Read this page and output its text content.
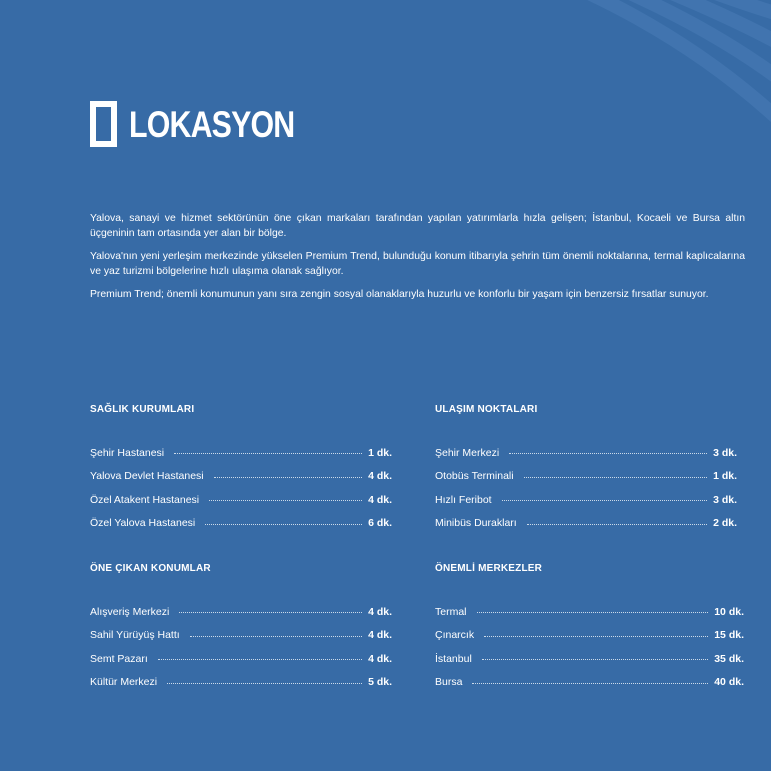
LOKASYON

Yalova, sanayi ve hizmet sektörünün öne çıkan markaları tarafından yapılan yatırımlarla hızla gelişen; İstanbul, Kocaeli ve Bursa altın üçgeninin tam ortasında yer alan bir bölge.

Yalova'nın yeni yerleşim merkezinde yükselen Premium Trend, bulunduğu konum itibarıyla şehrin tüm önemli noktalarına, termal kaplıcalarına ve yaz turizmi bölgelerine hızlı ulaşıma olanak sağlıyor.

Premium Trend; önemli konumunun yanı sıra zengin sosyal olanaklarıyla huzurlu ve konforlu bir yaşam için benzersiz fırsatlar sunuyor.

SAĞLIK KURUMLARI
Şehir Hastanesi	1 dk.
Yalova Devlet Hastanesi	4 dk.
Özel Atakent Hastanesi	4 dk.
Özel Yalova Hastanesi	6 dk.
ULAŞIM NOKTALARI
Şehir Merkezi	3 dk.
Otobüs Terminali	1 dk.
Hızlı Feribot	3 dk.
Minibüs Durakları	2 dk.
ÖNE ÇIKAN KONUMLAR
Alışveriş Merkezi	4 dk.
Sahil Yürüyüş Hattı	4 dk.
Semt Pazarı	4 dk.
Kültür Merkezi	5 dk.
ÖNEMLİ MERKEZLER
Termal	10 dk.
Çınarcık	15 dk.
İstanbul	35 dk.
Bursa	40 dk.
